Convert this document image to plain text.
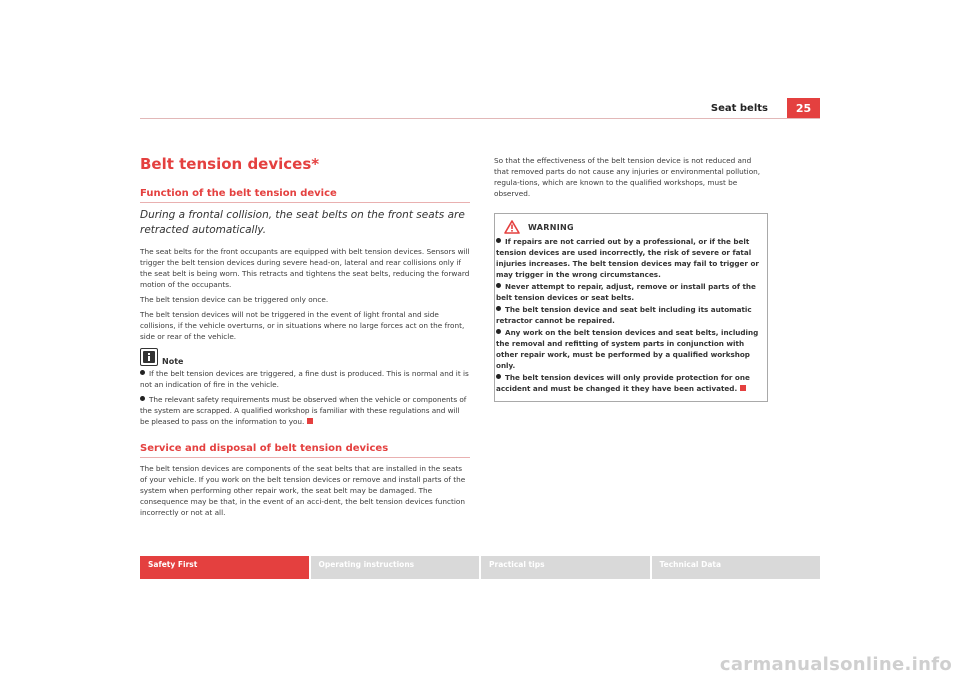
Seat belts	25
Belt tension devices*
Function of the belt tension device

During a frontal collision, the seat belts on the front seats are retracted automatically.

The seat belts for the front occupants are equipped with belt tension devices. Sensors will trigger the belt tension devices during severe head-on, lateral and rear collisions only if the seat belt is being worn. This retracts and tightens the seat belts, reducing the forward motion of the occupants.

The belt tension device can be triggered only once.

The belt tension devices will not be triggered in the event of light frontal and side collisions, if the vehicle overturns, or in situations where no large forces act on the front, side or rear of the vehicle.

Note

If the belt tension devices are triggered, a fine dust is produced. This is normal and it is not an indication of fire in the vehicle.

The relevant safety requirements must be observed when the vehicle or components of the system are scrapped. A qualified workshop is familiar with these regulations and will be pleased to pass on the information to you.

Service and disposal of belt tension devices

The belt tension devices are components of the seat belts that are installed in the seats of your vehicle. If you work on the belt tension devices or remove and install parts of the system when performing other repair work, the seat belt may be damaged. The consequence may be that, in the event of an acci-dent, the belt tension devices function incorrectly or not at all.

So that the effectiveness of the belt tension device is not reduced and that removed parts do not cause any injuries or environmental pollution, regula-tions, which are known to the qualified workshops, must be observed.

WARNING

If repairs are not carried out by a professional, or if the belt tension devices are used incorrectly, the risk of severe or fatal injuries increases. The belt tension devices may fail to trigger or may trigger in the wrong circumstances.

Never attempt to repair, adjust, remove or install parts of the belt tension devices or seat belts.

The belt tension device and seat belt including its automatic retractor cannot be repaired.

Any work on the belt tension devices and seat belts, including the removal and refitting of system parts in conjunction with other repair work, must be performed by a qualified workshop only.

The belt tension devices will only provide protection for one accident and must be changed it they have been activated.

Safety First	Operating instructions	Practical tips	Technical Data
carmanualsonline.info
